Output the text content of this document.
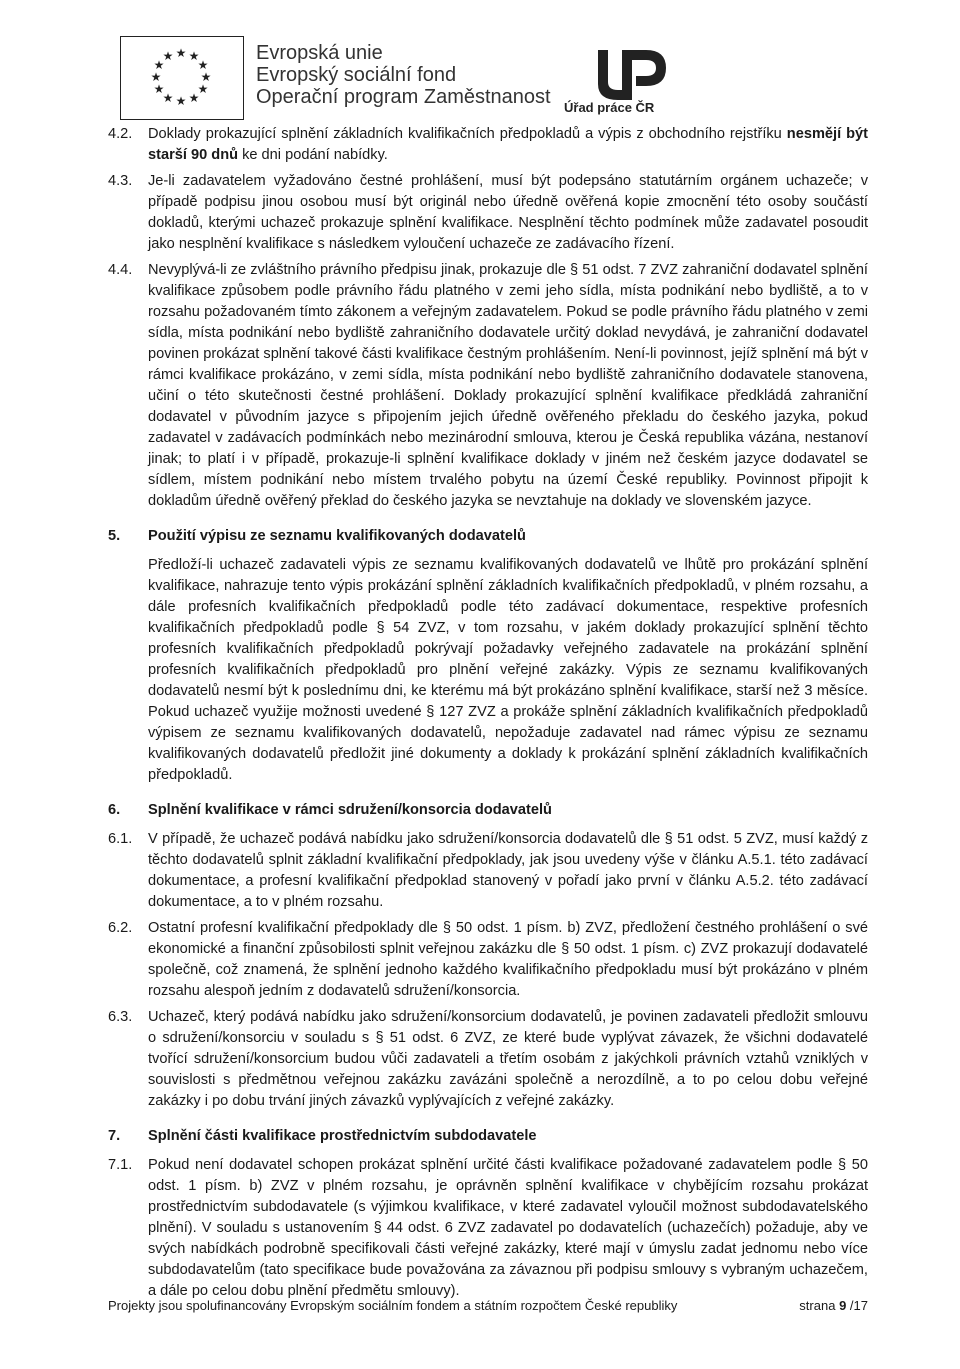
★ ★
★
★
★
★
★
★
★
★
★
★	Evropská unie
Evropský sociální fond
Operační program Zaměstnanost Úřad práce ČR
4.2. Doklady prokazující splnění základních kvalifikačních předpokladů a výpis z obchodního rejstříku nesmějí být starší 90 dnů ke dni podání nabídky.
4.3. Je-li zadavatelem vyžadováno čestné prohlášení, musí být podepsáno statutárním orgánem uchazeče; v případě podpisu jinou osobou musí být originál nebo úředně ověřená kopie zmocnění této osoby součástí dokladů, kterými uchazeč prokazuje splnění kvalifikace. Nesplnění těchto podmínek může zadavatel posoudit jako nesplnění kvalifikace s následkem vyloučení uchazeče ze zadávacího řízení.
4.4. Nevyplývá-li ze zvláštního právního předpisu jinak, prokazuje dle § 51 odst. 7 ZVZ zahraniční dodavatel splnění kvalifikace způsobem podle právního řádu platného v zemi jeho sídla, místa podnikání nebo bydliště, a to v rozsahu požadovaném tímto zákonem a veřejným zadavatelem. Pokud se podle právního řádu platného v zemi sídla, místa podnikání nebo bydliště zahraničního dodavatele určitý doklad nevydává, je zahraniční dodavatel povinen prokázat splnění takové části kvalifikace čestným prohlášením. Není-li povinnost, jejíž splnění má být v rámci kvalifikace prokázáno, v zemi sídla, místa podnikání nebo bydliště zahraničního dodavatele stanovena, učiní o této skutečnosti čestné prohlášení. Doklady prokazující splnění kvalifikace předkládá zahraniční dodavatel v původním jazyce s připojením jejich úředně ověřeného překladu do českého jazyka, pokud zadavatel v zadávacích podmínkách nebo mezinárodní smlouva, kterou je Česká republika vázána, nestanoví jinak; to platí i v případě, prokazuje-li splnění kvalifikace doklady v jiném než českém jazyce dodavatel se sídlem, místem podnikání nebo místem trvalého pobytu na území České republiky. Povinnost připojit k dokladům úředně ověřený překlad do českého jazyka se nevztahuje na doklady ve slovenském jazyce.
5. Použití výpisu ze seznamu kvalifikovaných dodavatelů
Předloží-li uchazeč zadavateli výpis ze seznamu kvalifikovaných dodavatelů ve lhůtě pro prokázání splnění kvalifikace, nahrazuje tento výpis prokázání splnění základních kvalifikačních předpokladů, v plném rozsahu, a dále profesních kvalifikačních předpokladů podle této zadávací dokumentace, respektive profesních kvalifikačních předpokladů podle § 54 ZVZ, v tom rozsahu, v jakém doklady prokazující splnění těchto profesních kvalifikačních předpokladů pokrývají požadavky veřejného zadavatele na prokázání splnění profesních kvalifikačních předpokladů pro plnění veřejné zakázky. Výpis ze seznamu kvalifikovaných dodavatelů nesmí být k poslednímu dni, ke kterému má být prokázáno splnění kvalifikace, starší než 3 měsíce. Pokud uchazeč využije možnosti uvedené § 127 ZVZ a prokáže splnění základních kvalifikačních předpokladů výpisem ze seznamu kvalifikovaných dodavatelů, nepožaduje zadavatel nad rámec výpisu ze seznamu kvalifikovaných dodavatelů předložit jiné dokumenty a doklady k prokázání splnění základních kvalifikačních předpokladů.
6. Splnění kvalifikace v rámci sdružení/konsorcia dodavatelů
6.1. V případě, že uchazeč podává nabídku jako sdružení/konsorcia dodavatelů dle § 51 odst. 5 ZVZ, musí každý z těchto dodavatelů splnit základní kvalifikační předpoklady, jak jsou uvedeny výše v článku A.5.1. této zadávací dokumentace, a profesní kvalifikační předpoklad stanovený v pořadí jako první v článku A.5.2. této zadávací dokumentace, a to v plném rozsahu.
6.2. Ostatní profesní kvalifikační předpoklady dle § 50 odst. 1 písm. b) ZVZ, předložení čestného prohlášení o své ekonomické a finanční způsobilosti splnit veřejnou zakázku dle § 50 odst. 1 písm. c) ZVZ prokazují dodavatelé společně, což znamená, že splnění jednoho každého kvalifikačního předpokladu musí být prokázáno v plném rozsahu alespoň jedním z dodavatelů sdružení/konsorcia.
6.3. Uchazeč, který podává nabídku jako sdružení/konsorcium dodavatelů, je povinen zadavateli předložit smlouvu o sdružení/konsorciu v souladu s § 51 odst. 6 ZVZ, ze které bude vyplývat závazek, že všichni dodavatelé tvořící sdružení/konsorcium budou vůči zadavateli a třetím osobám z jakýchkoli právních vztahů vzniklých v souvislosti s předmětnou veřejnou zakázku zavázáni společně a nerozdílně, a to po celou dobu veřejné zakázky i po dobu trvání jiných závazků vyplývajících z veřejné zakázky.
7. Splnění části kvalifikace prostřednictvím subdodavatele
7.1. Pokud není dodavatel schopen prokázat splnění určité části kvalifikace požadované zadavatelem podle § 50 odst. 1 písm. b) ZVZ v plném rozsahu, je oprávněn splnění kvalifikace v chybějícím rozsahu prokázat prostřednictvím subdodavatele (s výjimkou kvalifikace, v které zadavatel vyloučil možnost subdodavatelského plnění). V souladu s ustanovením § 44 odst. 6 ZVZ zadavatel po dodavatelích (uchazečích) požaduje, aby ve svých nabídkách podrobně specifikovali části veřejné zakázky, které mají v úmyslu zadat jednomu nebo více subdodavatelům (tato specifikace bude považována za závaznou při podpisu smlouvy s vybraným uchazečem, a dále po celou dobu plnění předmětu smlouvy).
Projekty jsou spolufinancovány Evropským sociálním fondem a státním rozpočtem České republiky	strana 9 /17
